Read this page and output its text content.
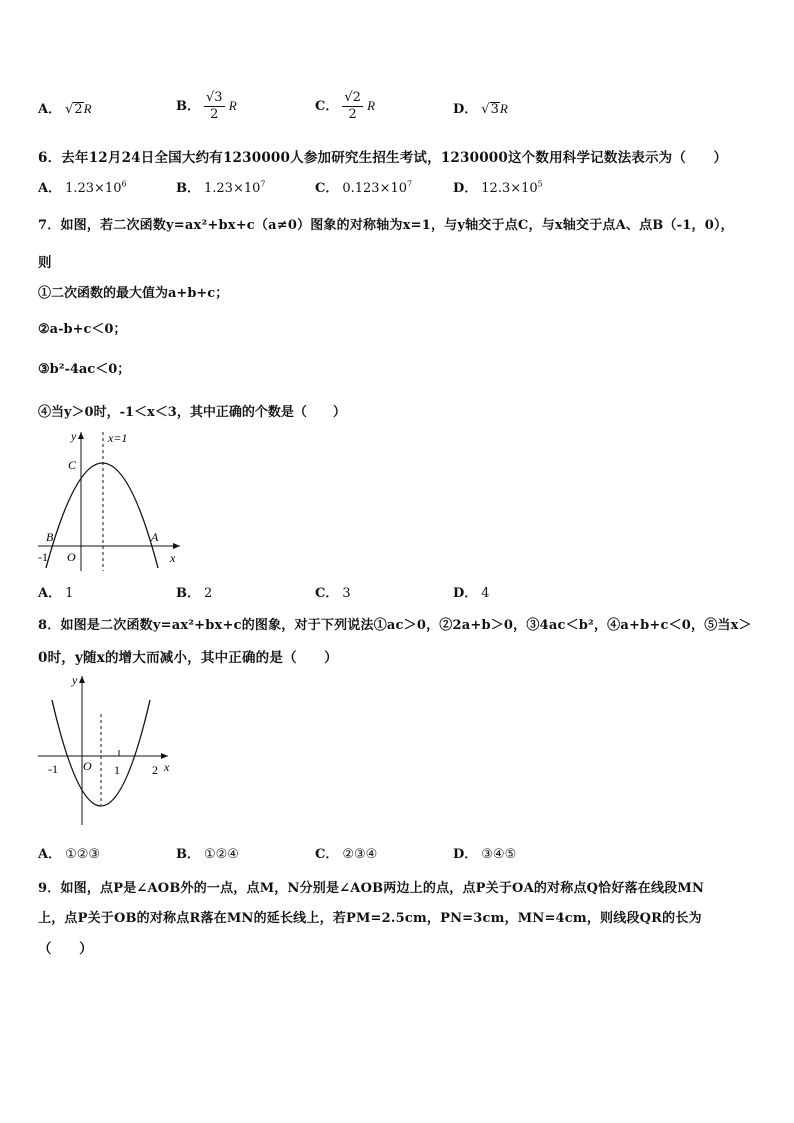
A． √2R	B． $\frac{√3}{2}$ R	C． $\frac{√2}{2}$ R	D． √3R
6．去年12月24日全国大约有1230000人参加研究生招生考试，1230000这个数用科学记数法表示为（　　）
A． $1.23\times 10^6$	B． $1.23\times 10^7$	C． $0.123\times 10^7$	D． $12.3\times 10^5$
7．如图，若二次函数y=ax²+bx+c（a≠0）图象的对称轴为x=1，与y轴交于点C，与x轴交于点A、点B（-1，0），
则
①二次函数的最大值为a+b+c；
②a-b+c＜0；
③b²-4ac＜0；
④当y＞0时，-1＜x＜3，其中正确的个数是（　　）
y	x=1
C
B	A
O
-1	x
A． 1	B． 2	C． 3	D． 4
8．如图是二次函数y=ax²+bx+c的图象，对于下列说法①ac＞0，②2a+b＞0，③4ac＜b²，④a+b+c＜0，⑤当x＞
0时，y随x的增大而减小，其中正确的是（　　）
y
-1 O 1	2 x
A． ①②③	B． ①②④	C． ②③④	D． ③④⑤
9．如图，点P是∠AOB外的一点，点M，N分别是∠AOB两边上的点，点P关于OA的对称点Q恰好落在线段MN
上，点P关于OB的对称点R落在MN的延长线上，若PM=2.5cm，PN=3cm，MN=4cm，则线段QR的长为
（　　）
